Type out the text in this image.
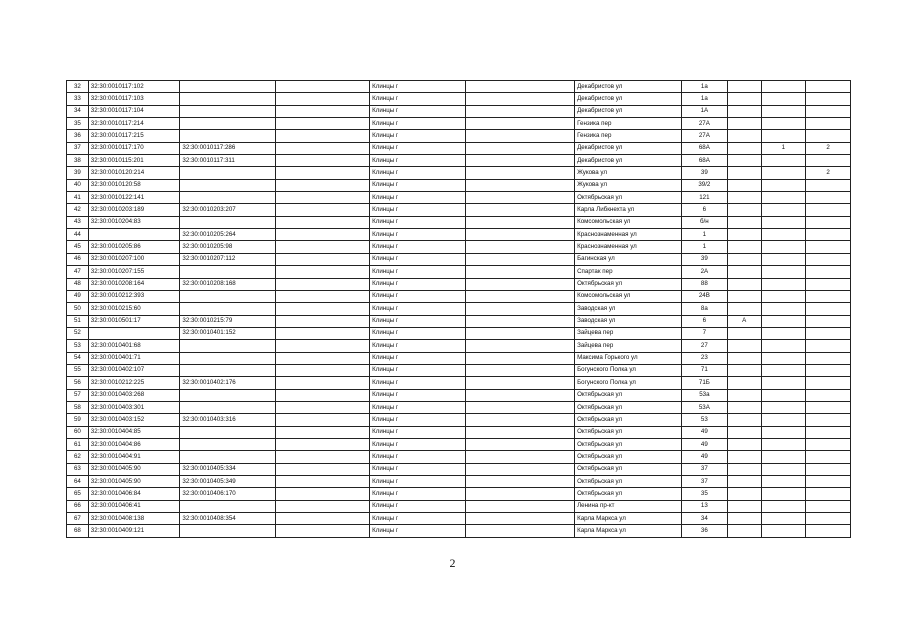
32	32:30:0010117:102			Клинцы г		Декабристов ул	1а			
33	32:30:0010117:103			Клинцы г		Декабристов ул	1а			
34	32:30:0010117:104			Клинцы г		Декабристов ул	1А			
35	32:30:0010117:214			Клинцы г		Гензика пер	27А			
36	32:30:0010117:215			Клинцы г		Гензика пер	27А			
37	32:30:0010117:170	32:30:0010117:286		Клинцы г		Декабристов ул	68А		1	2
38	32:30:0010115:201	32:30:0010117:311		Клинцы г		Декабристов ул	68А			
39	32:30:0010120:214			Клинцы г		Жукова ул	39			2
40	32:30:0010120:58			Клинцы г		Жукова ул	39/2			
41	32:30:0010122:141			Клинцы г		Октябрьская ул	121			
42	32:30:0010203:189	32:30:0010203:207		Клинцы г		Карла Либкнехта ул	6			
43	32:30:0010204:83			Клинцы г		Комсомольская ул	б/н			
44		32:30:0010205:264		Клинцы г		Краснознаменная ул	1			
45	32:30:0010205:86	32:30:0010205:98		Клинцы г		Краснознаменная ул	1			
46	32:30:0010207:100	32:30:0010207:112		Клинцы г		Багинская ул	39			
47	32:30:0010207:155			Клинцы г		Спартак пер	2А			
48	32:30:0010208:164	32:30:0010208:168		Клинцы г		Октябрьская ул	88			
49	32:30:0010212:393			Клинцы г		Комсомольская ул	24В			
50	32:30:0010215:60			Клинцы г		Заводская ул	8а			
51	32:30:0010501:17	32:30:0010215:79		Клинцы г		Заводская ул	6	А		
52		32:30:0010401:152		Клинцы г		Зайцева пер	7			
53	32:30:0010401:68			Клинцы г		Зайцева пер	27			
54	32:30:0010401:71			Клинцы г		Максима Горького ул	23			
55	32:30:0010402:107			Клинцы г		Богунского Полка ул	71			
56	32:30:0010212:225	32:30:0010402:176		Клинцы г		Богунского Полка ул	71Б			
57	32:30:0010403:268			Клинцы г		Октябрьская ул	53а			
58	32:30:0010403:301			Клинцы г		Октябрьская ул	53А			
59	32:30:0010403:152	32:30:0010403:316		Клинцы г		Октябрьская ул	53			
60	32:30:0010404:85			Клинцы г		Октябрьская ул	49			
61	32:30:0010404:86			Клинцы г		Октябрьская ул	49			
62	32:30:0010404:91			Клинцы г		Октябрьская ул	49			
63	32:30:0010405:90	32:30:0010405:334		Клинцы г		Октябрьская ул	37			
64	32:30:0010405:90	32:30:0010405:349		Клинцы г		Октябрьская ул	37			
65	32:30:0010406:84	32:30:0010406:170		Клинцы г		Октябрьская ул	35			
66	32:30:0010406:41			Клинцы г		Ленина пр-кт	13			
67	32:30:0010408:138	32:30:0010408:354		Клинцы г		Карла Маркса ул	34			
68	32:30:0010409:121			Клинцы г		Карла Маркса ул	36			
2
